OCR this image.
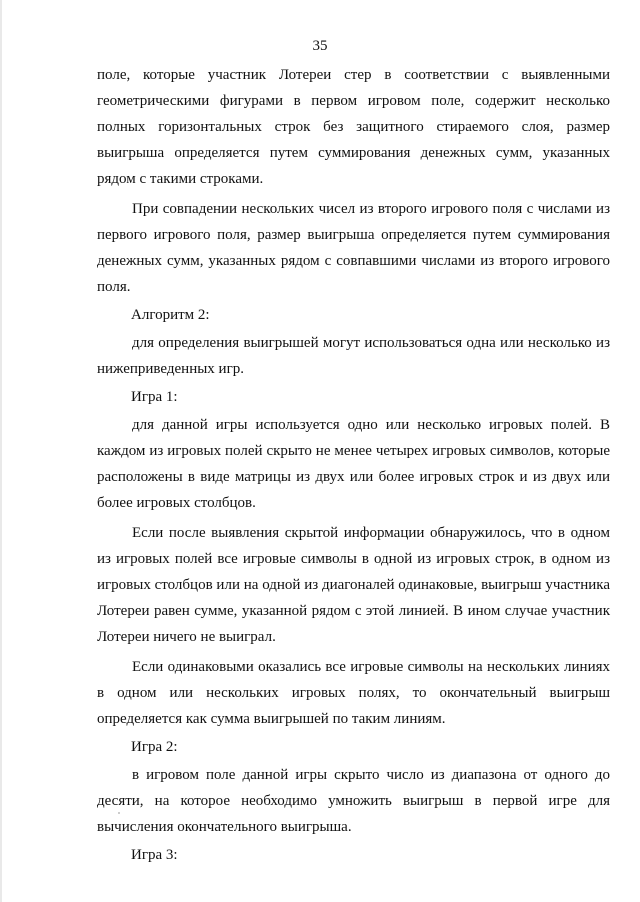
35

поле, которые участник Лотереи стер в соответствии с выявленными геометрическими фигурами в первом игровом поле, содержит несколько полных горизонтальных строк без защитного стираемого слоя, размер выигрыша определяется путем суммирования денежных сумм, указанных рядом с такими строками.

При совпадении нескольких чисел из второго игрового поля с числами из первого игрового поля, размер выигрыша определяется путем суммирования денежных сумм, указанных рядом с совпавшими числами из второго игрового поля.

Алгоритм 2:

для определения выигрышей могут использоваться одна или несколько из нижеприведенных игр.

Игра 1:

для данной игры используется одно или несколько игровых полей. В каждом из игровых полей скрыто не менее четырех игровых символов, которые расположены в виде матрицы из двух или более игровых строк и из двух или более игровых столбцов.

Если после выявления скрытой информации обнаружилось, что в одном из игровых полей все игровые символы в одной из игровых строк, в одном из игровых столбцов или на одной из диагоналей одинаковые, выигрыш участника Лотереи равен сумме, указанной рядом с этой линией. В ином случае участник Лотереи ничего не выиграл.

Если одинаковыми оказались все игровые символы на нескольких линиях в одном или нескольких игровых полях, то окончательный выигрыш определяется как сумма выигрышей по таким линиям.

Игра 2:

в игровом поле данной игры скрыто число из диапазона от одного до десяти, на которое необходимо умножить выигрыш в первой игре для вычисления окончательного выигрыша.

Игра 3:
